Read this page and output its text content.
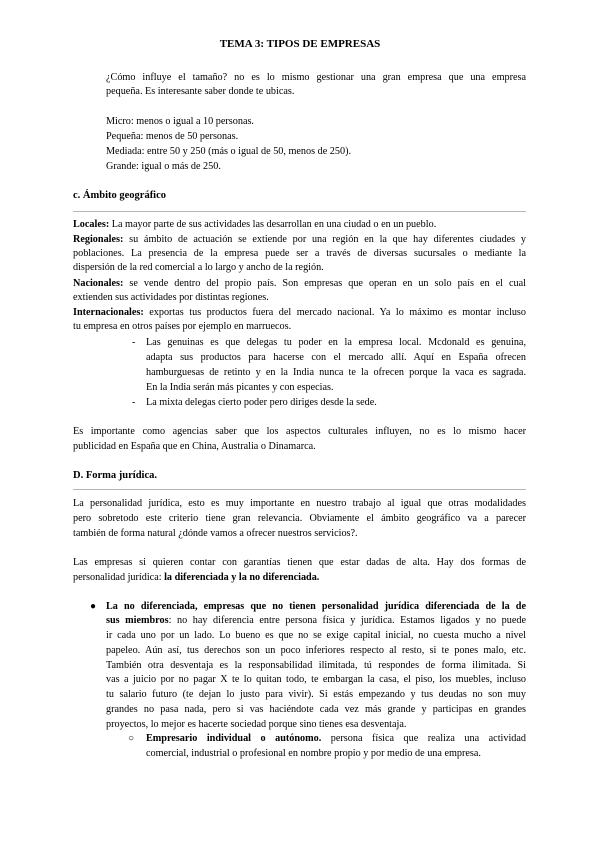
TEMA 3: TIPOS DE EMPRESAS
¿Cómo influye el tamaño? no es lo mismo gestionar una gran empresa que una empresa
pequeña. Es interesante saber donde te ubicas.
Micro: menos o igual a 10 personas.
Pequeña: menos de 50 personas.
Mediada: entre 50 y 250 (más o igual de 50, menos de 250).
Grande: igual o más de 250.
c. Ámbito geográfico
Locales: La mayor parte de sus actividades las desarrollan en una ciudad o en un pueblo.
Regionales: su ámbito de actuación se extiende por una región en la que hay diferentes ciudades y
poblaciones. La presencia de la empresa puede ser a través de diversas sucursales o mediante la
dispersión de la red comercial a lo largo y ancho de la región.
Nacionales: se vende dentro del propio país. Son empresas que operan en un solo país en el cual
extienden sus actividades por distintas regiones.
Internacionales: exportas tus productos fuera del mercado nacional. Ya lo máximo es montar incluso
tu empresa en otros países por ejemplo en marruecos.
- Las genuinas es que delegas tu poder en la empresa local. Mcdonald es genuina,
adapta sus productos para hacerse con el mercado allí. Aquí en España ofrecen
hamburguesas de retinto y en la India nunca te la ofrecen porque la vaca es sagrada.
En la India serán más picantes y con especias.
- La mixta delegas cierto poder pero diriges desde la sede.
Es importante como agencias saber que los aspectos culturales influyen, no es lo mismo hacer
publicidad en España que en China, Australia o Dinamarca.
D. Forma jurídica.
La personalidad jurídica, esto es muy importante en nuestro trabajo al igual que otras modalidades
pero sobretodo este criterio tiene gran relevancia. Obviamente el ámbito geográfico va a parecer
también de forma natural ¿dónde vamos a ofrecer nuestros servicios?.
Las empresas si quieren contar con garantías tienen que estar dadas de alta. Hay dos formas de
personalidad jurídica: la diferenciada y la no diferenciada.
● La no diferenciada, empresas que no tienen personalidad jurídica diferenciada de la de
sus miembros: no hay diferencia entre persona física y jurídica. Estamos ligados y no puede
ir cada uno por un lado. Lo bueno es que no se exige capital inicial, no cuesta mucho a nivel
papeleo. Aún así, tus derechos son un poco inferiores respecto al resto, si te pones malo, etc.
También otra desventaja es la responsabilidad ilimitada, tú respondes de forma ilimitada. Si
vas a juicio por no pagar X te lo quitan todo, te embargan la casa, el piso, los muebles, incluso
tu salario futuro (te dejan lo justo para vivir). Si estás empezando y tus deudas no son muy
grandes no pasa nada, pero si vas haciéndote cada vez más grande y participas en grandes
proyectos, lo mejor es hacerte sociedad porque sino tienes esa desventaja.
○ Empresario individual o autónomo. persona física que realiza una actividad
comercial, industrial o profesional en nombre propio y por medio de una empresa.
